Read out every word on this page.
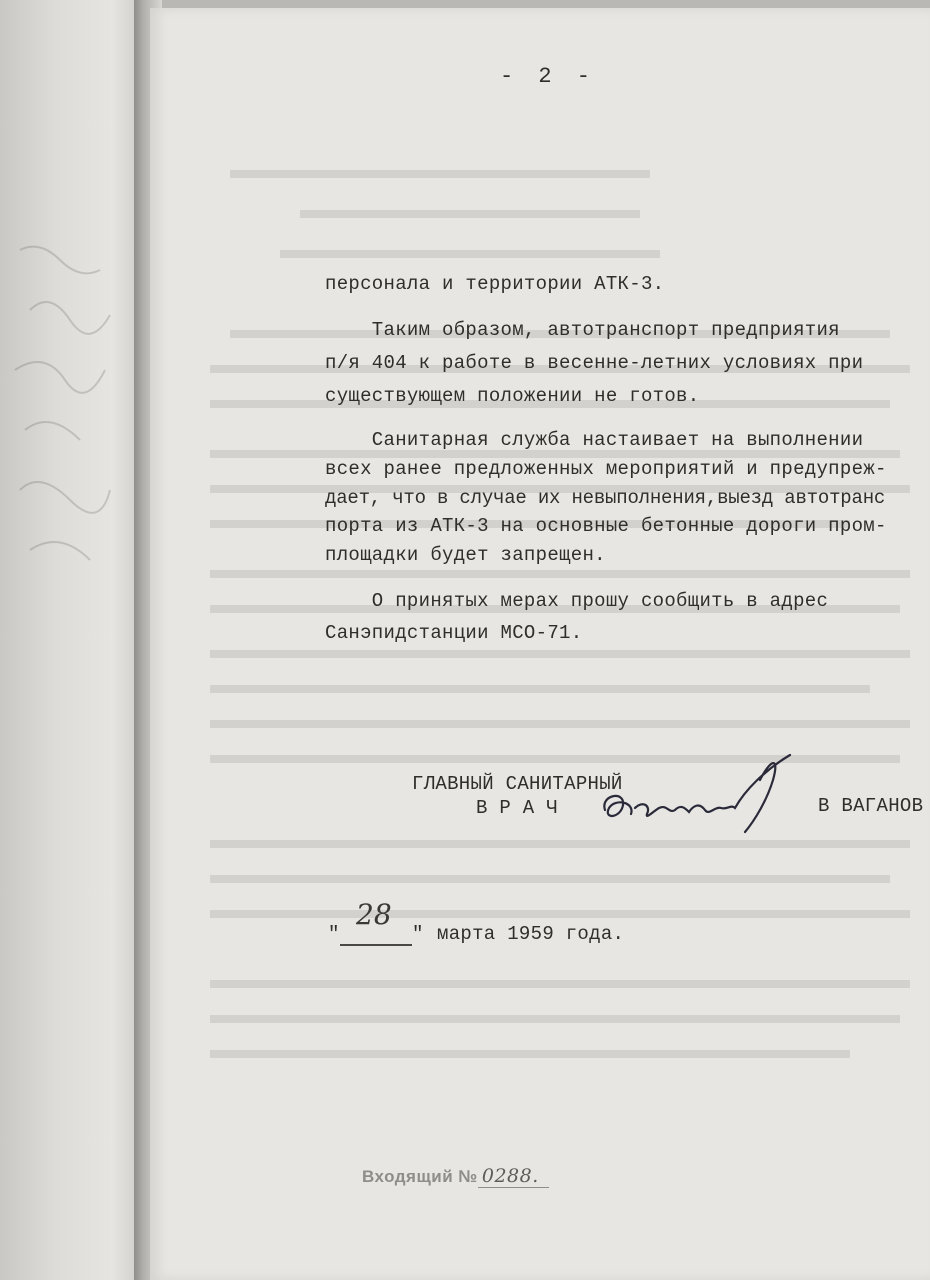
- 2 -
персонала и территории АТК-3.
Таким образом, автотранспорт предприятия
п/я 404 к работе в весенне-летних условиях при
существующем положении не готов.
Санитарная служба настаивает на выполнении
всех ранее предложенных мероприятий и предупреж-
дает, что в случае их невыполнения,выезд автотранс
порта из АТК-3 на основные бетонные дороги пром-
площадки будет запрещен.
О принятых мерах прошу сообщить в адрес
Санэпидстанции МСО-71.
ГЛАВНЫЙ САНИТАРНЫЙ
В Р А Ч	В ВАГАНОВ
"
28
" марта 1959 года.
Входящий № 0288.
